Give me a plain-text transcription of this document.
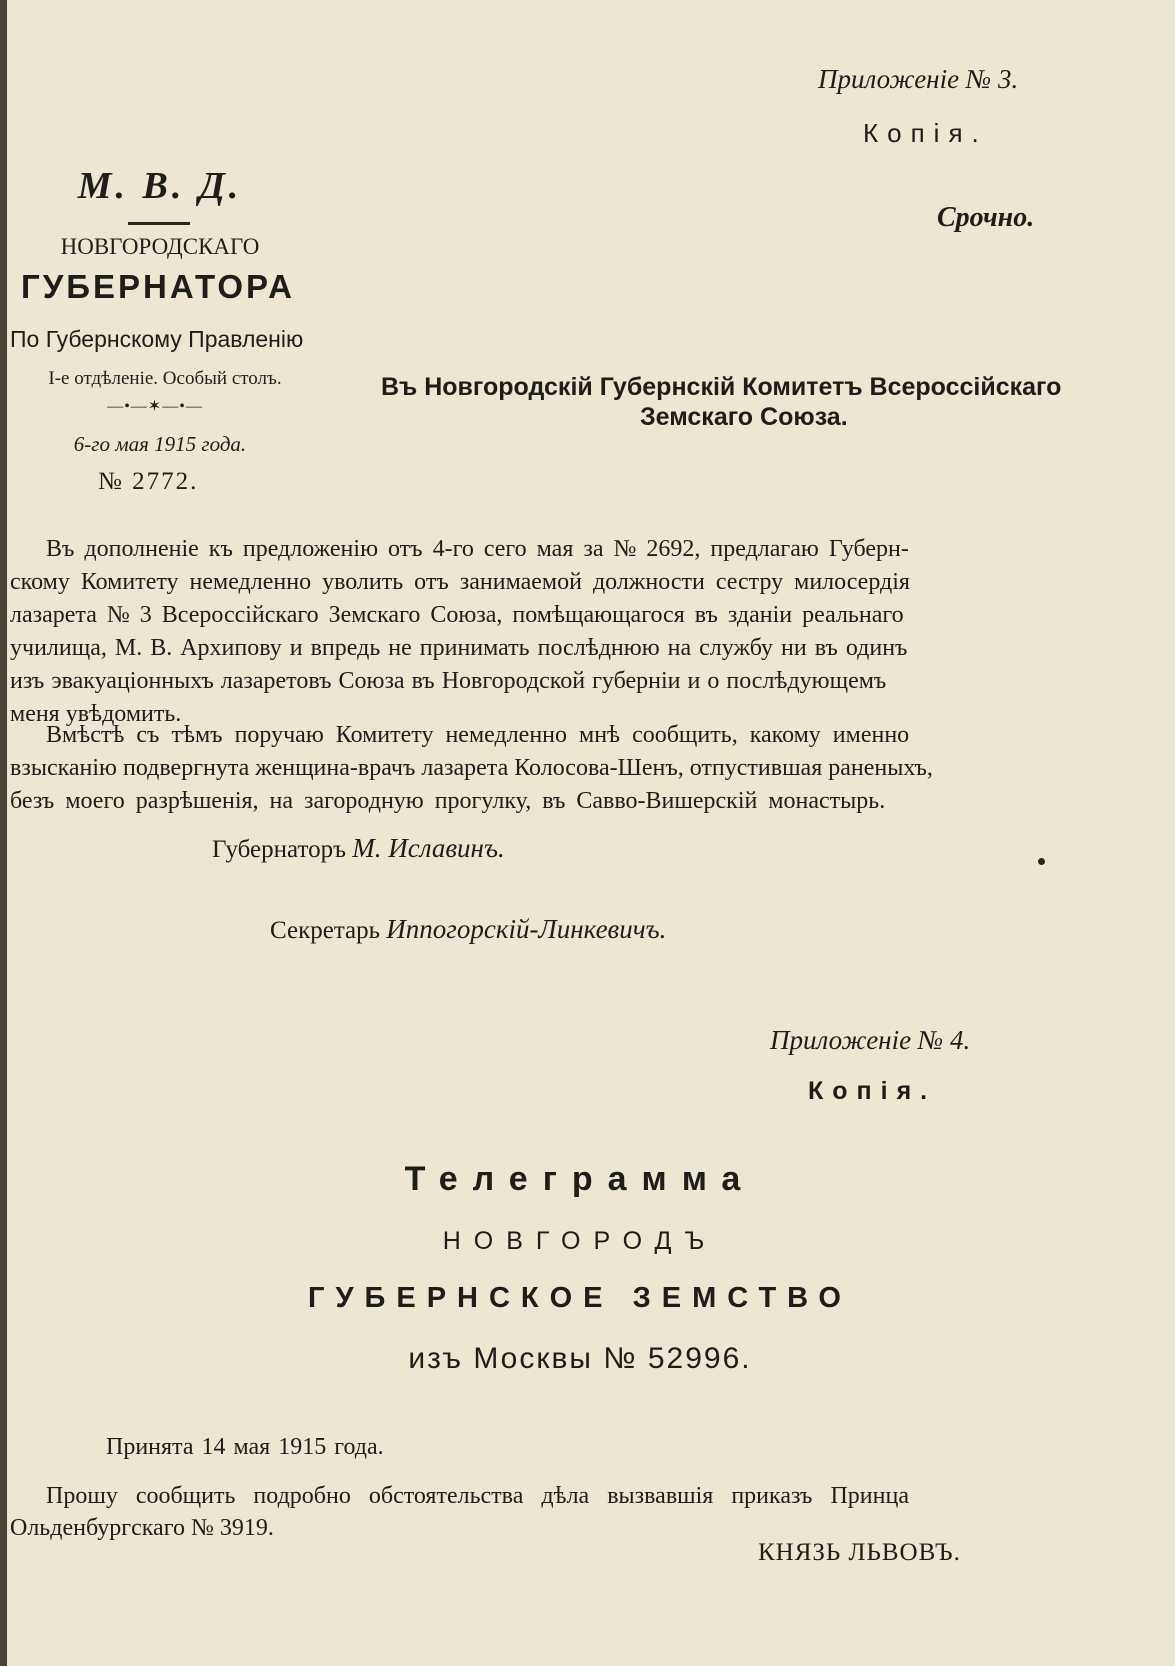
Приложенiе № 3.
Копія.
Срочно.
М. В. Д.
НОВГОРОДСКАГО
ГУБЕРНАТОРА
По Губернскому Правленію
I-е отдѣленіе. Особый столъ.
—•—✶—•—
6-го мая 1915 года.
№ 2772.
Въ Новгородскій Губернскій Комитетъ Всероссійскаго
Земскаго Союза.
Въ дополненіе къ предложенію отъ 4-го сего мая за № 2692, предлагаю Губерн-
скому Комитету немедленно уволить отъ занимаемой должности сестру милосердія
лазарета № 3 Всероссійскаго Земскаго Союза, помѣщающагося въ зданіи реальнаго
училища, М. В. Архипову и впредь не принимать послѣднюю на службу ни въ одинъ
изъ эвакуаціонныхъ лазаретовъ Союза въ Новгородской губерніи и о послѣдующемъ
меня увѣдомить.
Вмѣстѣ съ тѣмъ поручаю Комитету немедленно мнѣ сообщить, какому именно
взысканію подвергнута женщина-врачъ лазарета Колосова-Шенъ, отпустившая раненыхъ,
безъ моего разрѣшенія, на загородную прогулку, въ Савво-Вишерскій монастырь.
Губернаторъ М. Иславинъ.
Секретарь Иппогорскій-Линкевичъ.
Приложенiе № 4.
Копія.
Телеграмма
НОВГОРОДЪ
ГУБЕРНСКОЕ ЗЕМСТВО
изъ Москвы № 52996.
Принята 14 мая 1915 года.
Прошу сообщить подробно обстоятельства дѣла вызвавшія приказъ Принца
Ольденбургскаго № 3919.
КНЯЗЬ ЛЬВОВЪ.
